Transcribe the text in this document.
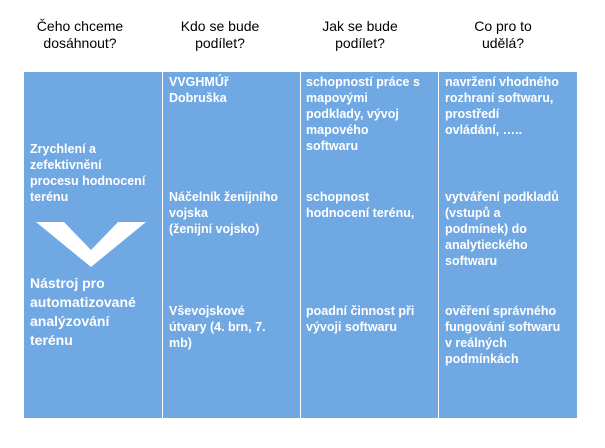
Čeho chceme
dosáhnout?
Kdo se bude
podílet?
Jak se bude
podílet?
Co pro to
udělá?
Zrychlení a
zefektivnění
procesu hodnocení
terénu
Nástroj pro
automatizované
analýzování
terénu
VVGHMÚř
Dobruška
Náčelník ženijního
vojska
(ženijní vojsko)
Vševojskové
útvary (4. brn, 7.
mb)
schopností práce s
mapovými
podklady, vývoj
mapového
softwaru
schopnost
hodnocení terénu,
poadní činnost při
vývoji softwaru
navržení vhodného
rozhraní softwaru,
prostředí
ovládání, …..
vytváření podkladů
(vstupů a
podmínek) do
analytieckého
softwaru
ověření správného
fungování softwaru
v reálných
podmínkách
